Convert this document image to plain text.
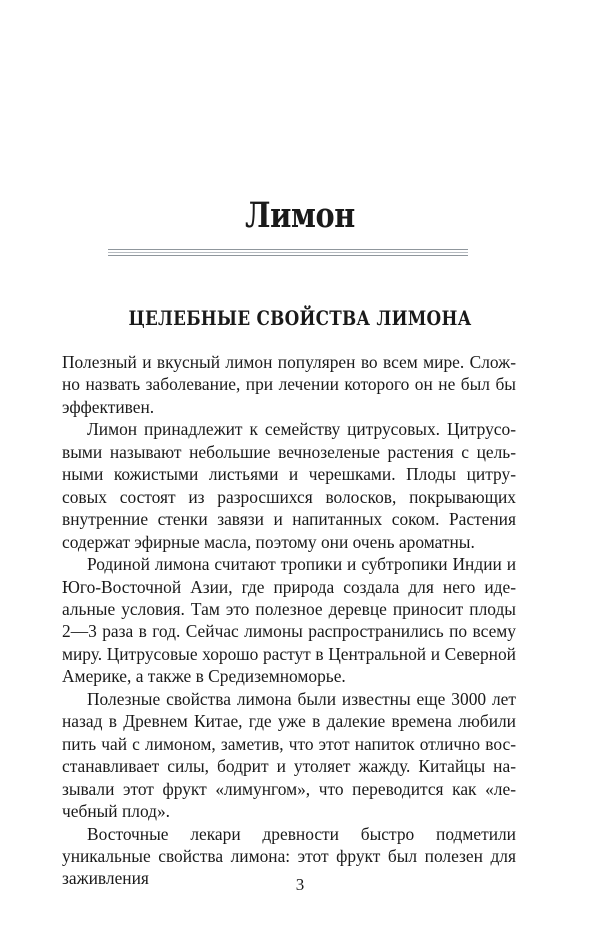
Лимон
ЦЕЛЕБНЫЕ СВОЙСТВА ЛИМОНА

Полезный и вкусный лимон популярен во всем мире. Сложно назвать заболевание, при лечении которого он не был бы эффективен.

Лимон принадлежит к семейству цитрусовых. Цитрусовыми называют небольшие вечнозеленые растения с цельными кожистыми листьями и черешками. Плоды цитрусовых состоят из разросшихся волосков, покрывающих внутренние стенки завязи и напитанных соком. Растения содержат эфирные масла, поэтому они очень ароматны.

Родиной лимона считают тропики и субтропики Индии и Юго-Восточной Азии, где природа создала для него идеальные условия. Там это полезное деревце приносит плоды 2—3 раза в год. Сейчас лимоны распространились по всему миру. Цитрусовые хорошо растут в Центральной и Северной Америке, а также в Средиземноморье.

Полезные свойства лимона были известны еще 3000 лет назад в Древнем Китае, где уже в далекие времена любили пить чай с лимоном, заметив, что этот напиток отлично восстанавливает силы, бодрит и утоляет жажду. Китайцы называли этот фрукт «лимунгом», что переводится как «лечебный плод».

Восточные лекари древности быстро подметили уникальные свойства лимона: этот фрукт был полезен для заживления	3
